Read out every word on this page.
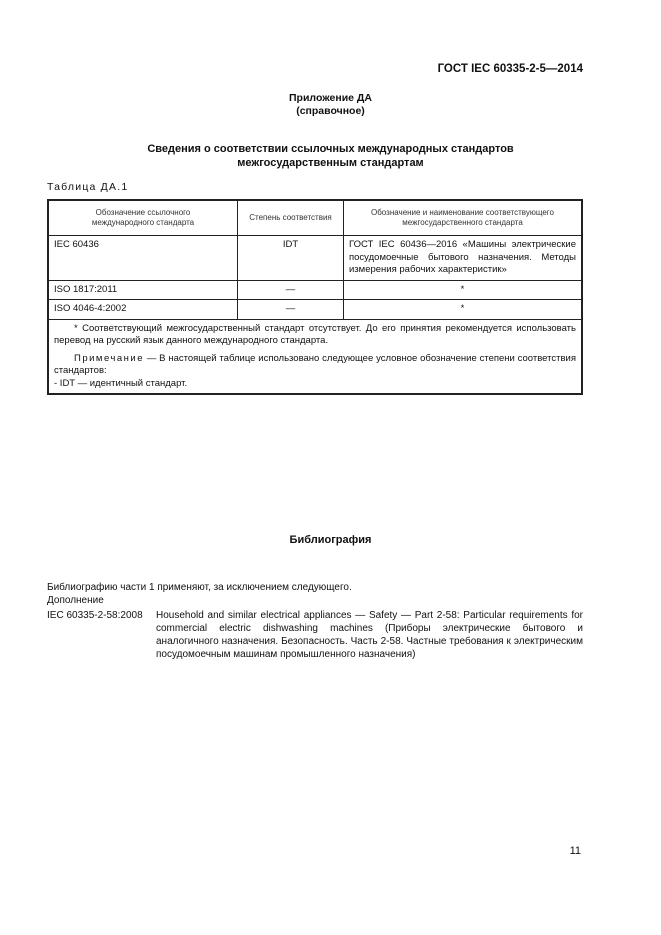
ГОСТ IEC 60335-2-5—2014
Приложение ДА
(справочное)
Сведения о соответствии ссылочных международных стандартов
межгосударственным стандартам
Таблица ДА.1
Обозначение ссылочного
международного стандарта	Степень соответствия	Обозначение и наименование соответствующего
межгосударственного стандарта
IEC 60436	IDT	ГОСТ IEC 60436—2016 «Машины электрические посудомоечные бытового назначения. Методы измерения рабочих характеристик»
ISO 1817:2011	—	*
ISO 4046-4:2002	—	*

* Соответствующий межгосударственный стандарт отсутствует. До его принятия рекомендуется использовать перевод на русский язык данного международного стандарта.

Примечание — В настоящей таблице использовано следующее условное обозначение степени соответствия стандартов:

- IDT — идентичный стандарт.		
Библиография
Библиографию части 1 применяют, за исключением следующего.
Дополнение
IEC 60335-2-58:2008	Household and similar electrical appliances — Safety — Part 2-58: Particular requirements for commercial electric dishwashing machines (Приборы электрические бытового и аналогичного назначения. Безопасность. Часть 2-58. Частные требования к электрическим посудомоечным машинам промышленного назначения)
11
